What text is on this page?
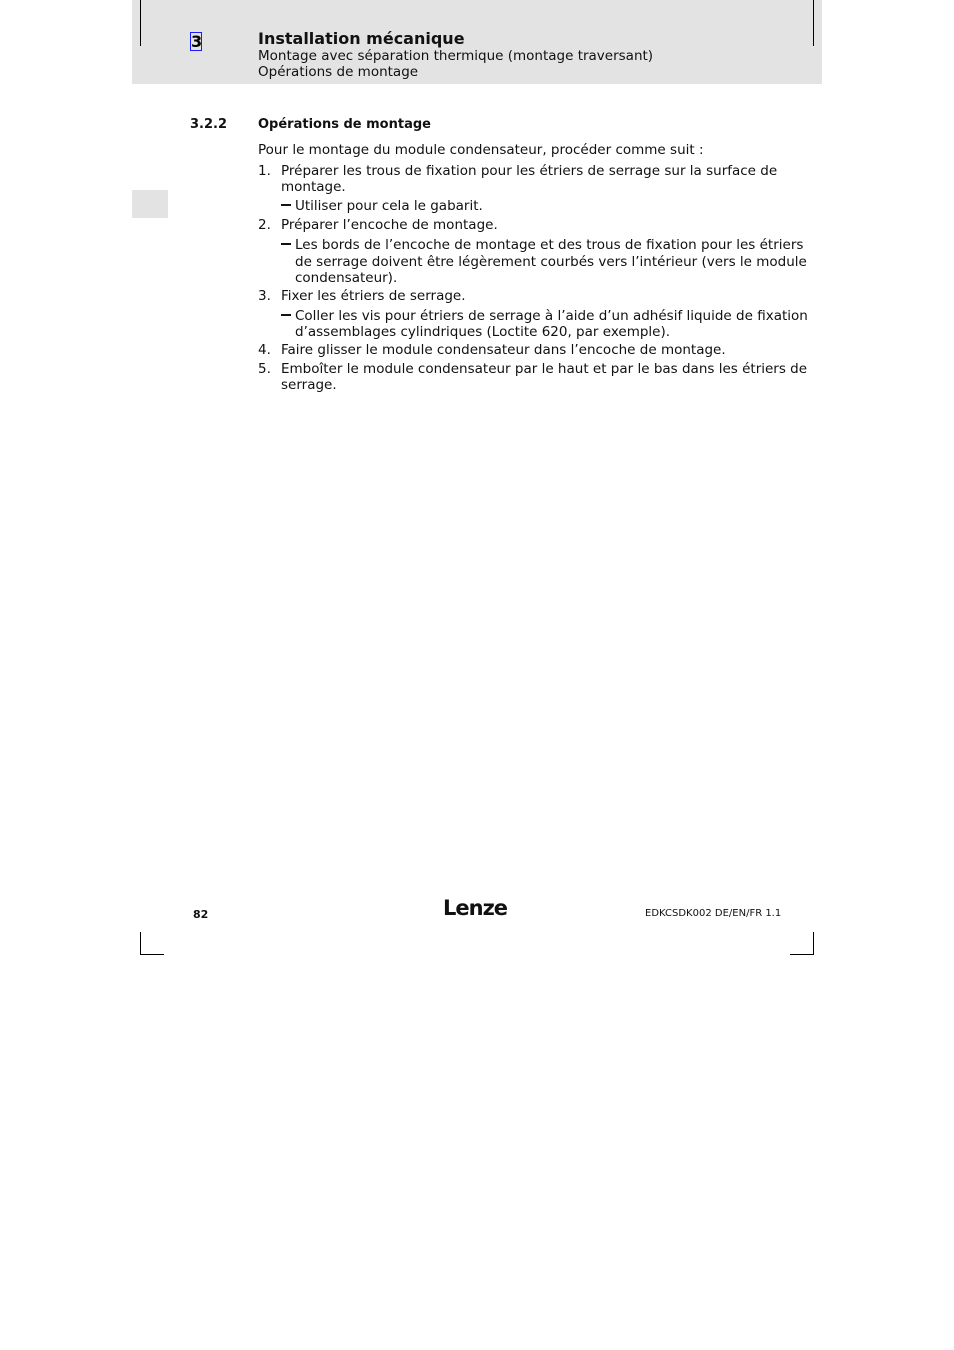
3	Installation mécanique
Montage avec séparation thermique (montage traversant)
Opérations de montage
3.2.2 Opérations de montage
Pour le montage du module condensateur, procéder comme suit :
1. Préparer les trous de fixation pour les étriers de serrage sur la surface de
montage.
Utiliser pour cela le gabarit.
2. Préparer l’encoche de montage.
Les bords de l’encoche de montage et des trous de fixation pour les étriers
de serrage doivent être légèrement courbés vers l’intérieur (vers le module
condensateur).
3. Fixer les étriers de serrage.
Coller les vis pour étriers de serrage à l’aide d’un adhésif liquide de fixation
d’assemblages cylindriques (Loctite 620, par exemple).
4. Faire glisser le module condensateur dans l’encoche de montage.
5. Emboîter le module condensateur par le haut et par le bas dans les étriers de
serrage.
82	Lenze	EDKCSDK002 DE/EN/FR 1.1
